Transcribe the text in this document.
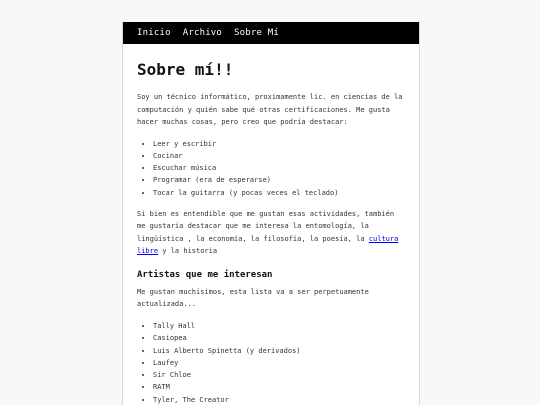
Inicio Archivo Sobre Mí
Sobre mí!!

Soy un técnico informático, proximamente lic. en ciencias de la computación y quién sabe qué otras certificaciones. Me gusta hacer muchas cosas, pero creo que podría destacar:

• Leer y escribir
• Cocinar
• Escuchar música
• Programar (era de esperarse)
• Tocar la guitarra (y pocas veces el teclado)

Si bien es entendible que me gustan esas actividades, también me gustaría destacar que me interesa la entomología, la lingüística , la economía, la filosofía, la poesía, la cultura libre y la historia

Artistas que me interesan

Me gustan muchísimos, esta lista va a ser perpetuamente actualizada...

• Tally Hall
• Casiopea
• Luis Alberto Spinetta (y derivados)
• Laufey
• Sir Chloe
• RATM
• Tyler, The Creator
